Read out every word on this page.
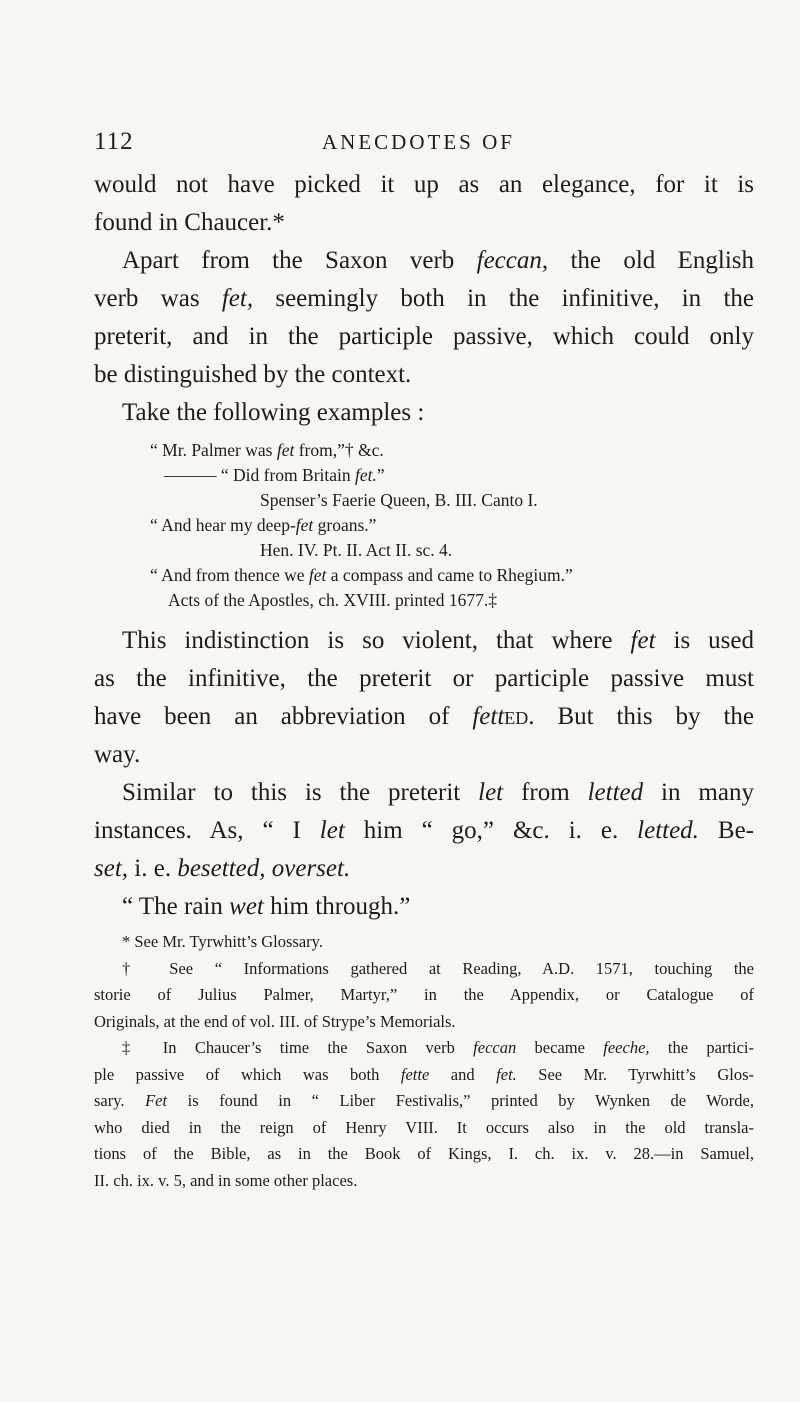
112	ANECDOTES OF
would not have picked it up as an elegance, for it is
found in Chaucer.*
Apart from the Saxon verb feccan, the old English
verb was fet, seemingly both in the infinitive, in the
preterit, and in the participle passive, which could only
be distinguished by the context.
Take the following examples :
“ Mr. Palmer was fet from,”† &c.
——— “ Did from Britain fet.”
Spenser’s Faerie Queen, B. III. Canto I.
“ And hear my deep-fet groans.”
Hen. IV. Pt. II. Act II. sc. 4.
“ And from thence we fet a compass and came to Rhegium.”
Acts of the Apostles, ch. XVIII. printed 1677.‡
This indistinction is so violent, that where fet is used
as the infinitive, the preterit or participle passive must
have been an abbreviation of fetted. But this by the
way.
Similar to this is the preterit let from letted in many
instances. As, “ I let him “ go,” &c. i. e. letted. Be-
set, i. e. besetted, overset.
“ The rain wet him through.”
* See Mr. Tyrwhitt’s Glossary.
† See “ Informations gathered at Reading, A.D. 1571, touching the
storie of Julius Palmer, Martyr,” in the Appendix, or Catalogue of
Originals, at the end of vol. III. of Strype’s Memorials.
‡ In Chaucer’s time the Saxon verb feccan became feeche, the partici-
ple passive of which was both fette and fet. See Mr. Tyrwhitt’s Glos-
sary. Fet is found in “ Liber Festivalis,” printed by Wynken de Worde,
who died in the reign of Henry VIII. It occurs also in the old transla-
tions of the Bible, as in the Book of Kings, I. ch. ix. v. 28.—in Samuel,
II. ch. ix. v. 5, and in some other places.
